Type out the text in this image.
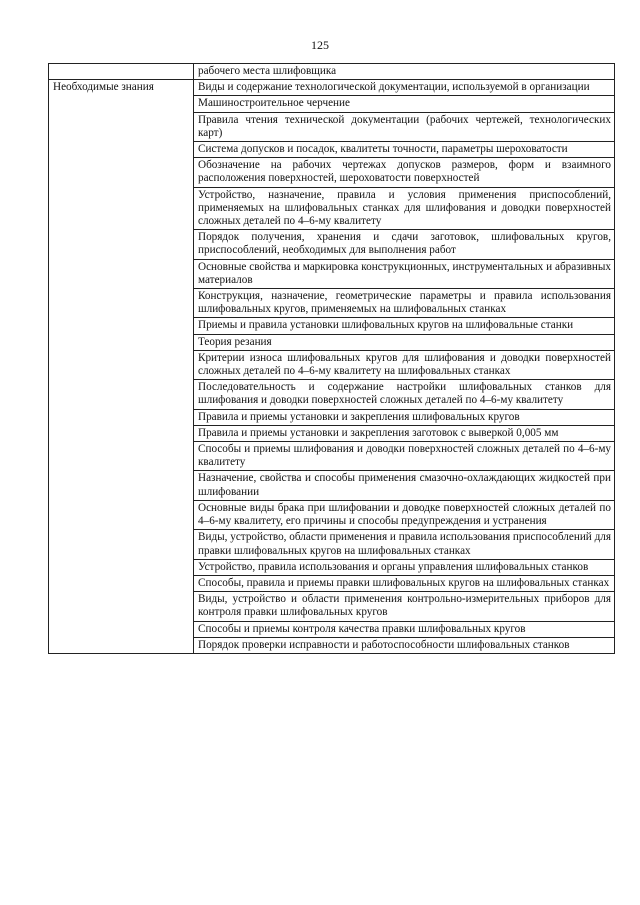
125
	рабочего места шлифовщика
Необходимые знания	Виды и содержание технологической документации, используемой в организации
	Машиностроительное черчение
	Правила чтения технической документации (рабочих чертежей, технологических карт)
	Система допусков и посадок, квалитеты точности, параметры шероховатости
	Обозначение на рабочих чертежах допусков размеров, форм и взаимного расположения поверхностей, шероховатости поверхностей
	Устройство, назначение, правила и условия применения приспособлений, применяемых на шлифовальных станках для шлифования и доводки поверхностей сложных деталей по 4–6-му квалитету
	Порядок получения, хранения и сдачи заготовок, шлифовальных кругов, приспособлений, необходимых для выполнения работ
	Основные свойства и маркировка конструкционных, инструментальных и абразивных материалов
	Конструкция, назначение, геометрические параметры и правила использования шлифовальных кругов, применяемых на шлифовальных станках
	Приемы и правила установки шлифовальных кругов на шлифовальные станки
	Теория резания
	Критерии износа шлифовальных кругов для шлифования и доводки поверхностей сложных деталей по 4–6-му квалитету на шлифовальных станках
	Последовательность и содержание настройки шлифовальных станков для шлифования и доводки поверхностей сложных деталей по 4–6-му квалитету
	Правила и приемы установки и закрепления шлифовальных кругов
	Правила и приемы установки и закрепления заготовок с выверкой 0,005 мм
	Способы и приемы шлифования и доводки поверхностей сложных деталей по 4–6-му квалитету
	Назначение, свойства и способы применения смазочно-охлаждающих жидкостей при шлифовании
	Основные виды брака при шлифовании и доводке поверхностей сложных деталей по 4–6-му квалитету, его причины и способы предупреждения и устранения
	Виды, устройство, области применения и правила использования приспособлений для правки шлифовальных кругов на шлифовальных станках
	Устройство, правила использования и органы управления шлифовальных станков
	Способы, правила и приемы правки шлифовальных кругов на шлифовальных станках
	Виды, устройство и области применения контрольно-измерительных приборов для контроля правки шлифовальных кругов
	Способы и приемы контроля качества правки шлифовальных кругов
	Порядок проверки исправности и работоспособности шлифовальных станков
